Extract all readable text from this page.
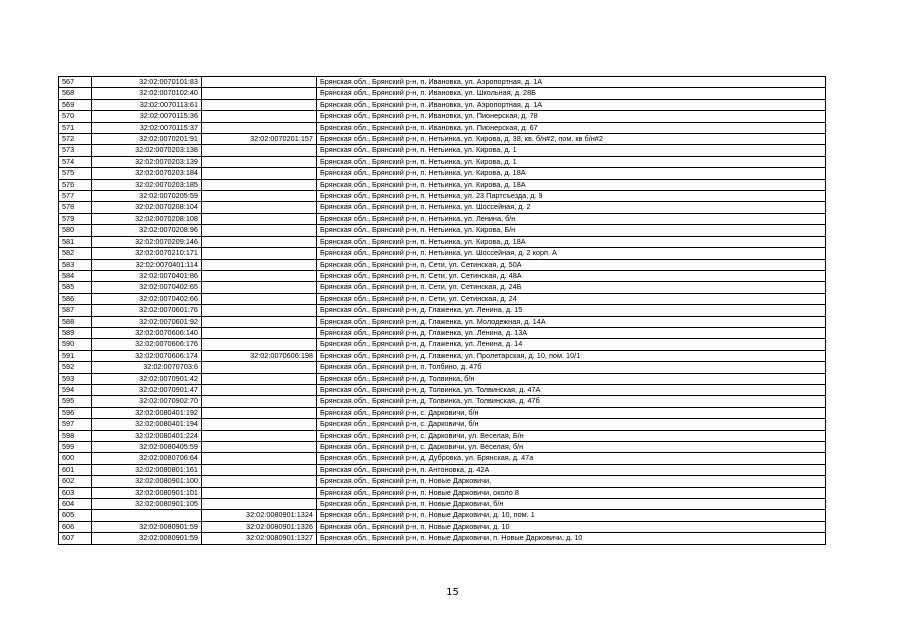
567	32:02:0070101:83		Брянская обл., Брянский р-н, п. Ивановка, ул. Аэропортная, д. 1А
568	32:02:0070102:40		Брянская обл., Брянский р-н, п. Ивановка, ул. Школьная, д. 28Б
569	32:02:0070113:61		Брянская обл., Брянский р-н, п. Ивановка, ул. Аэропортная, д. 1А
570	32:02:0070115:36		Брянская обл., Брянский р-н, п. Ивановка, ул. Пионерская, д. 78
571	32:02:0070115:37		Брянская обл., Брянский р-н, п. Ивановка, ул. Пионерская, д. 67
572	32:02:0070201:91	32:02:0070201:157	Брянская обл., Брянский р-н, п. Нетьинка, ул. Кирова, д. 38, кв. б/н#2, пом. кв б/н#2
573	32:02:0070203:138		Брянская обл., Брянский р-н, п. Нетьинка, ул. Кирова, д. 1
574	32:02:0070203:139		Брянская обл., Брянский р-н, п. Нетьинка, ул. Кирова, д. 1
575	32:02:0070203:184		Брянская обл., Брянский р-н, п. Нетьинка, ул. Кирова, д. 18А
576	32:02:0070203:185		Брянская обл., Брянский р-н, п. Нетьинка, ул. Кирова, д. 18А
577	32:02:0070205:59		Брянская обл., Брянский р-н, п. Нетьинка, ул. 23 Партсъезда, д. 9
578	32:02:0070208:104		Брянская обл., Брянский р-н, п. Нетьинка, ул. Шоссейная, д. 2
579	32:02:0070208:108		Брянская обл., Брянский р-н, п. Нетьинка, ул. Ленина, б/н
580	32:02:0070208:96		Брянская обл., Брянский р-н, п. Нетьинка, ул. Кирова, Б/н
581	32:02:0070209:146		Брянская обл., Брянский р-н, п. Нетьинка, ул. Кирова, д. 18А
582	32:02:0070210:171		Брянская обл., Брянский р-н, п. Нетьинка, ул. Шоссейная, д. 2 корп. А
583	32:02:0070401:114		Брянская обл., Брянский р-н, п. Сети, ул. Сетинская, д. 50А
584	32:02:0070401:86		Брянская обл., Брянский р-н, п. Сети, ул. Сетинская, д. 48А
585	32:02:0070402:65		Брянская обл., Брянский р-н, п. Сети, ул. Сетинская, д. 24Б
586	32:02:0070402:66		Брянская обл., Брянский р-н, п. Сети, ул. Сетинская, д. 24
587	32:02:0070601:76		Брянская обл., Брянский р-н, д. Глаженка, ул. Ленина, д. 15
588	32:02:0070601:92		Брянская обл., Брянский р-н, д. Глаженка, ул. Молодежная, д. 14А
589	32:02:0070606:140		Брянская обл., Брянский р-н, д. Глаженка, ул. Ленина, д. 13А
590	32:02:0070606:176		Брянская обл., Брянский р-н, д. Глаженка, ул. Ленина, д. 14
591	32:02:0070606:174	32:02:0070606:198	Брянская обл., Брянский р-н, д. Глаженка, ул. Пролетарская, д. 10, пом. 10/1
592	32:02:0070703:6		Брянская обл., Брянский р-н, п. Толбино, д. 47б
593	32:02:0070901:42		Брянская обл., Брянский р-н, д. Толвинка, б/н
594	32:02:0070901:47		Брянская обл., Брянский р-н, д. Толвинка, ул. Толвинская, д. 47А
595	32:02:0070902:70		Брянская обл., Брянский р-н, д. Толвинка, ул. Толвинская, д. 47б
596	32:02:0080401:192		Брянская обл., Брянский р-н, с. Дарковичи, б/н
597	32:02:0080401:194		Брянская обл., Брянский р-н, с. Дарковичи, б/н
598	32:02:0080401:224		Брянская обл., Брянский р-н, с. Дарковичи, ул. Веселая, Б/н
599	32:02:0080405:59		Брянская обл., Брянский р-н, с. Дарковичи, ул. Веселая, б/н
600	32:02:0080706:64		Брянская обл., Брянский р-н, д. Дубровка, ул. Брянская, д. 47а
601	32:02:0080801:161		Брянская обл., Брянский р-н, п. Антоновка, д. 42А
602	32:02:0080901:100		Брянская обл., Брянский р-н, п. Новые Дарковичи,
603	32:02:0080901:101		Брянская обл., Брянский р-н, п. Новые Дарковичи, около 8
604	32:02:0080901:105		Брянская обл., Брянский р-н, п. Новые Дарковичи, б/н
605		32:02:0080901:1324	Брянская обл., Брянский р-н, п. Новые Дарковичи, д. 10, пом. 1
606	32:02:0080901:59	32:02:0080901:1326	Брянская обл., Брянский р-н, п. Новые Дарковичи, д. 10
607	32:02:0080901:59	32:02:0080901:1327	Брянская обл., Брянский р-н, п. Новые Дарковичи, п. Новые Дарковичи, д. 10
15
